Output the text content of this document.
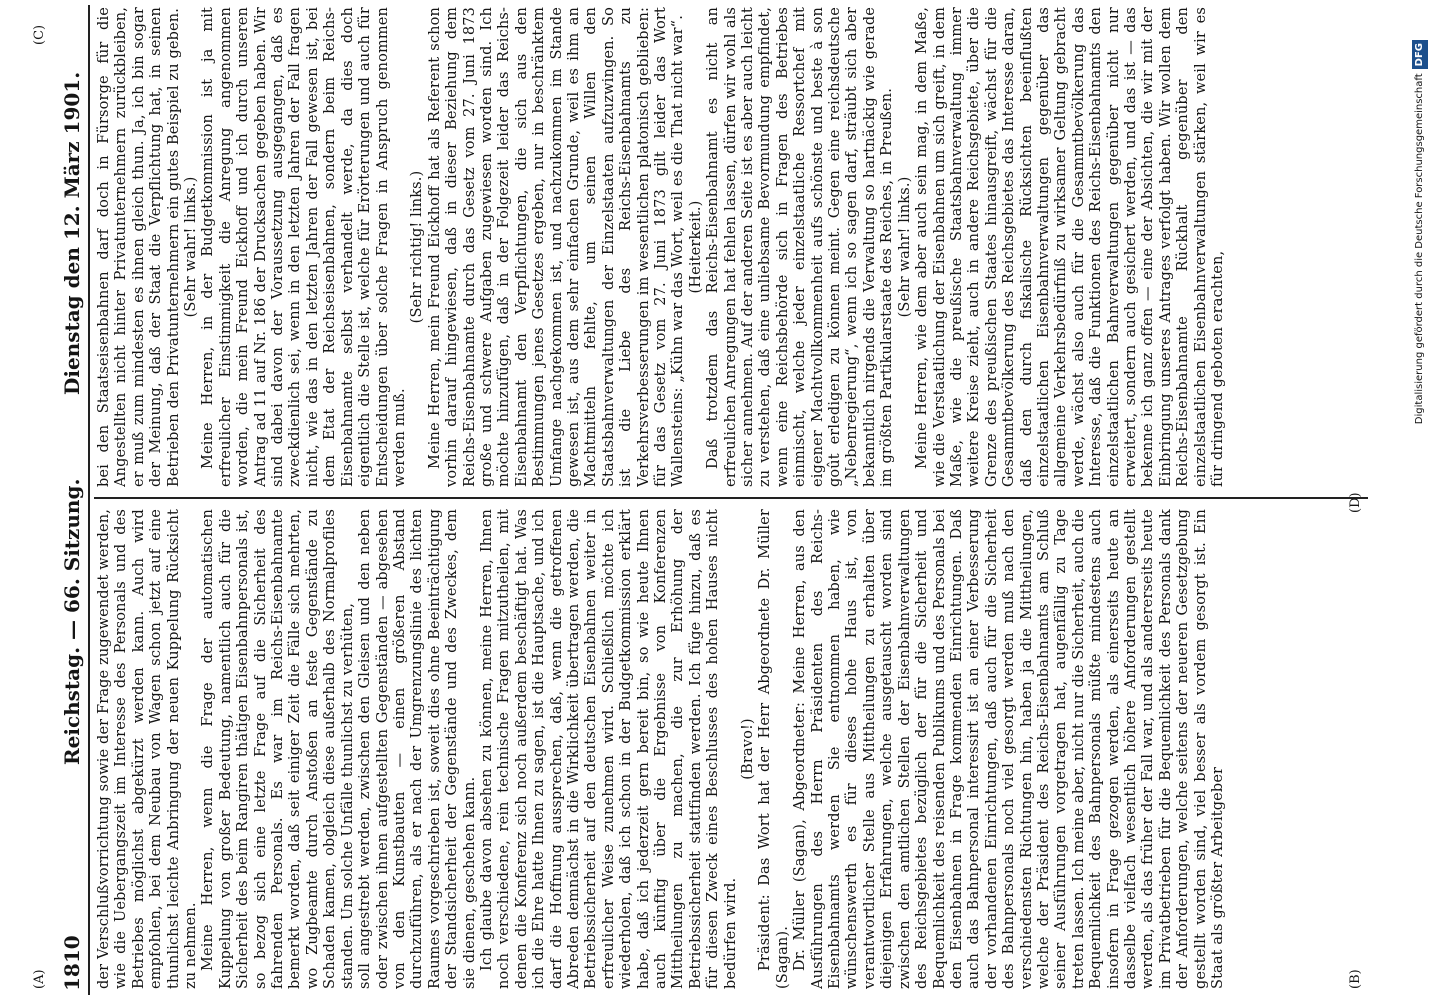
1810
Reichstag. — 66. Sitzung.
Dienstag den 12. März 1901.

der Verschlußvorrichtung sowie der Frage zugewendet werden, wie die Uebergangszeit im Interesse des Personals und des Betriebes möglichst abgekürzt werden kann. Auch wird empfohlen, bei dem Neubau von Wagen schon jetzt auf eine thunlichst leichte Anbringung der neuen Kuppelung Rücksicht zu nehmen. Meine Herren, wenn die Frage der automatischen Kuppelung von großer Bedeutung, namentlich auch für die Sicherheit des beim Rangiren thätigen Eisenbahnpersonals ist, so bezog sich eine letzte Frage auf die Sicherheit des fahrenden Personals. Es war im Reichs-Eisenbahnamte bemerkt worden, daß seit einiger Zeit die Fälle sich mehrten, wo Zugbeamte durch Anstoßen an feste Gegenstände zu Schaden kamen, obgleich diese außerhalb des Normalprofiles standen. Um solche Unfälle thunlichst zu verhüten, soll angestrebt werden, zwischen den Gleisen und den neben oder zwischen ihnen aufgestellten Gegenständen — abgesehen von den Kunstbauten — einen größeren Abstand durchzuführen, als er nach der Umgrenzungslinie des lichten Raumes vorgeschrieben ist, soweit dies ohne Beeinträchtigung der Standsicherheit der Gegenstände und des Zweckes, dem sie dienen, geschehen kann. Ich glaube davon absehen zu können, meine Herren, Ihnen noch verschiedene, rein technische Fragen mitzutheilen, mit denen die Konferenz sich noch außerdem beschäftigt hat. Was ich die Ehre hatte Ihnen zu sagen, ist die Hauptsache, und ich darf die Hoffnung aussprechen, daß, wenn die getroffenen Abreden demnächst in die Wirklichkeit übertragen werden, die Betriebssicherheit auf den deutschen Eisenbahnen weiter in erfreulicher Weise zunehmen wird. Schließlich möchte ich wiederholen, daß ich schon in der Budgetkommission erklärt habe, daß ich jederzeit gern bereit bin, so wie heute Ihnen auch künftig über die Ergebnisse von Konferenzen Mittheilungen zu machen, die zur Erhöhung der Betriebssicherheit stattfinden werden. Ich füge hinzu, daß es für diesen Zweck eines Beschlusses des hohen Hauses nicht bedürfen wird.

(Bravo!) Präsident: Das Wort hat der Herr Abgeordnete Dr. Müller (Sagan). Dr. Müller (Sagan), Abgeordneter: Meine Herren, aus den Ausführungen des Herrn Präsidenten des Reichs-Eisenbahnamts werden Sie entnommen haben, wie wünschenswerth es für dieses hohe Haus ist, von verantwortlicher Stelle aus Mittheilungen zu erhalten über diejenigen Erfahrungen, welche ausgetauscht worden sind zwischen den amtlichen Stellen der Eisenbahnverwaltungen des Reichsgebietes bezüglich der für die Sicherheit und Bequemlichkeit des reisenden Publikums und des Personals bei den Eisenbahnen in Frage kommenden Einrichtungen. Daß auch das Bahnpersonal interessirt ist an einer Verbesserung der vorhandenen Einrichtungen, daß auch für die Sicherheit des Bahnpersonals noch viel gesorgt werden muß nach den verschiedensten Richtungen hin, haben ja die Mittheilungen, welche der Präsident des Reichs-Eisenbahnamts am Schluß seiner Ausführungen vorgetragen hat, augenfällig zu Tage treten lassen. Ich meine aber, nicht nur die Sicherheit, auch die Bequemlichkeit des Bahnpersonals müßte mindestens auch insofern in Frage gezogen werden, als einerseits heute an dasselbe vielfach wesentlich höhere Anforderungen gestellt werden, als das früher der Fall war, und als andererseits heute im Privatbetrieben für die Bequemlichkeit des Personals dank der Anforderungen, welche seitens der neueren Gesetzgebung gestellt worden sind, viel besser als vordem gesorgt ist. Ein Staat als größter Arbeitgeber

bei den Staatseisenbahnen darf doch in Fürsorge für die Angestellten nicht hinter Privatunternehmern zurückbleiben, er muß zum mindesten es ihnen gleich thun. Ja, ich bin sogar der Meinung, daß der Staat die Verpflichtung hat, in seinen Betrieben den Privatunternehmern ein gutes Beispiel zu geben. (Sehr wahr! links.) Meine Herren, in der Budgetkommission ist ja mit erfreulicher Einstimmigkeit die Anregung angenommen worden, die mein Freund Eickhoff und ich durch unseren Antrag ad 11 auf Nr. 186 der Drucksachen gegeben haben. Wir sind dabei davon der Voraussetzung ausgegangen, daß es zweckdienlich sei, wenn in den letzten Jahren der Fall fragen nicht, wie das in den letzten Jahren der Fall gewesen ist, bei dem Etat der Reichseisenbahnen, sondern beim Reichs-Eisenbahnamte selbst verhandelt werde, da dies doch eigentlich die Stelle ist, welche für Erörterungen und auch für Entscheidungen über solche Fragen in Anspruch genommen werden muß.

(Sehr richtig! links.) Meine Herren, mein Freund Eickhoff hat als Referent schon vorhin darauf hingewiesen, daß in dieser Beziehung dem Reichs-Eisenbahnamte durch das Gesetz vom 27. Juni 1873 große und schwere Aufgaben zugewiesen worden sind. Ich möchte hinzufügen, daß in der Folgezeit leider das Reichs-Eisenbahnamt den Verpflichtungen, die sich aus den Bestimmungen jenes Gesetzes ergeben, nur in beschränktem Umfange nachgekommen ist, und nachzukommen im Stande gewesen ist, aus dem sehr einfachen Grunde, weil es ihm an Machtmitteln fehlte, um seinen Willen den Staatsbahnverwaltungen der Einzelstaaten aufzuzwingen. So ist die Liebe des Reichs-Eisenbahnamts zu Verkehrsverbesserungen im wesentlichen platonisch geblieben: für das Gesetz vom 27. Juni 1873 gilt leider das Wort Wallensteins: „Kühn war das Wort, weil es die That nicht war“. (Heiterkeit.) Daß trotzdem das Reichs-Eisenbahnamt es nicht an erfreulichen Anregungen hat fehlen lassen, dürfen wir wohl als sicher annehmen. Auf der anderen Seite ist es aber auch leicht zu verstehen, daß eine unliebsame Bevormundung empfindet, wenn eine Reichsbehörde sich in Fragen des Betriebes einmischt, welche jeder einzelstaatliche Ressortchef mit eigener Machtvollkommenheit aufs schönste und beste à son goût erledigen zu können meint. Gegen eine reichsdeutsche „Nebenregierung“, wenn ich so sagen darf, sträubt sich aber bekanntlich nirgends die Verwaltung so hartnäckig wie gerade im größten Partikularstaate des Reiches, in Preußen. (Sehr wahr! links.) Meine Herren, wie dem aber auch sein mag, in dem Maße, wie die Verstaatlichung der Eisenbahnen um sich greift, in dem Maße, wie die preußische Staatsbahnverwaltung immer weitere Kreise zieht, auch in andere Reichsgebiete, über die Grenze des preußischen Staates hinausgreift, wächst für die Gesammtbevölkerung des Reichsgebietes das Interesse daran, daß den durch fiskalische Rücksichten beeinflußten einzelstaatlichen Eisenbahnverwaltungen gegenüber das allgemeine Verkehrsbedürfniß zu wirksamer Geltung gebracht werde, wächst also auch für die Gesammtbevölkerung das Interesse, daß die Funktionen des Reichs-Eisenbahnamts den einzelstaatlichen Bahnverwaltungen gegenüber nicht nur erweitert, sondern auch gesichert werden, und das ist — das bekenne ich ganz offen — eine der Absichten, die wir mit der Einbringung unseres Antrages verfolgt haben. Wir wollen dem Reichs-Eisenbahnamte Rückhalt gegenüber den einzelstaatlichen Eisenbahnverwaltungen stärken, weil wir es für dringend geboten erachten,

(A)	(B)
(C)
(D)
Digitalisierung gefördert durch die Deutsche ForschungsgemeinschaftDFG
